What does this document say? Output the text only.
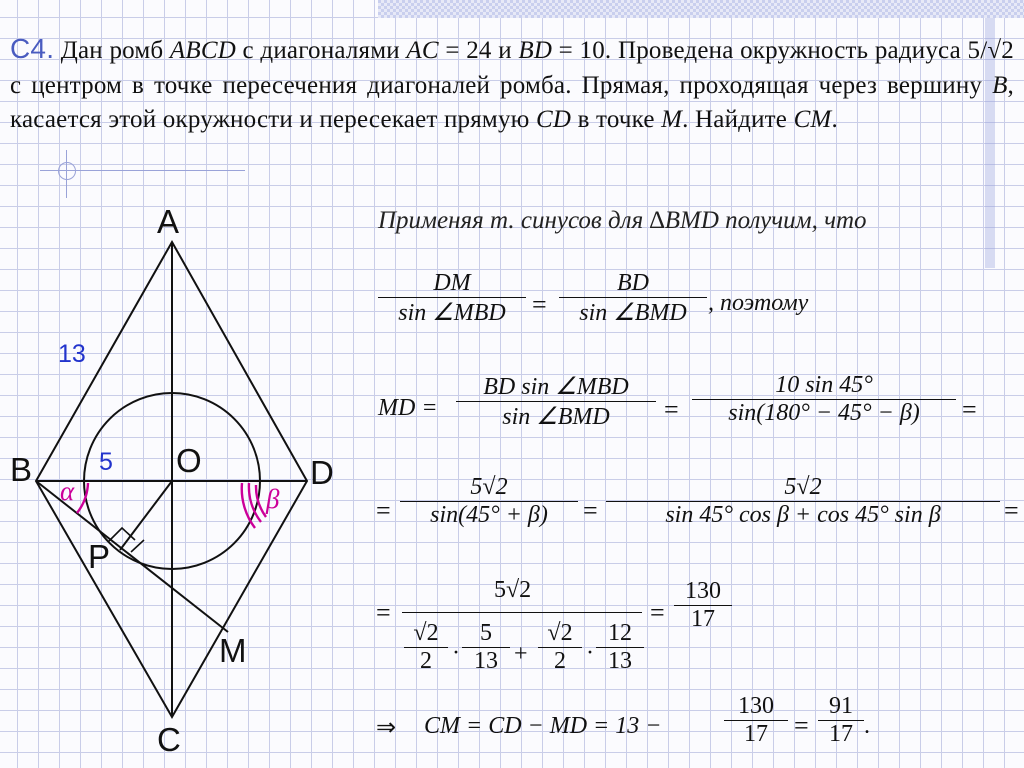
С4. Дан ромб ABCD с диагоналями AC = 24 и BD = 10. Проведена окружность радиуса 5/√2 с центром в точке пересечения диагоналей ромба. Прямая, проходящая через вершину B, касается этой окружности и пересекает прямую CD в точке M. Найдите CM.
A
B	D
C
O
P
M
13
5
α	β
Применяя т. синусов для ∆BMD получим, что
DM
sin ∠MBD	=
BD
sin ∠BMD , поэтому
MD =
BD sin ∠MBD
sin ∠BMD	= $\frac{10 \sin 45^\circ}{\sin(180^\circ - 45^\circ - \beta)}$ =
= $\frac{5√2}{\sin(45^\circ + \beta)} = \frac{5√2}{\text{sin 45° cos β + cos 45° sin β}}$ =
=
5√2
$\frac{√2}{2} \cdot \frac{5}{13} + \frac{√2}{2} \cdot \frac{12}{13}$
= $\frac{130}{17}$
⇒ CM = CD − MD = 13 −	$\frac{130}{17} = \frac{91}{17}$ .
